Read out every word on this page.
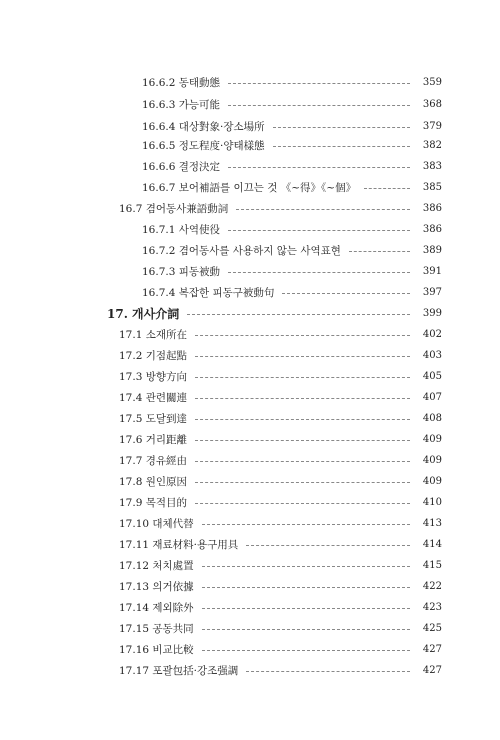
16.6.2 동태動態	359
16.6.3 가능可能	368
16.6.4 대상對象·장소場所	379
16.6.5 정도程度·양태樣態	382
16.6.6 결정決定	383
16.6.7 보어補語를 이끄는 것 《~得》《~個》	385
16.7 겸어동사兼語動詞	386
16.7.1 사역使役	386
16.7.2 겸어동사를 사용하지 않는 사역표현	389
16.7.3 피동被動	391
16.7.4 복잡한 피동구被動句	397
17. 개사介詞	399
17.1 소재所在	402
17.2 기점起點	403
17.3 방향方向	405
17.4 관련關連	407
17.5 도달到達	408
17.6 거리距離	409
17.7 경유經由	409
17.8 원인原因	409
17.9 목적目的	410
17.10 대체代替	413
17.11 재료材料·용구用具	414
17.12 처치處置	415
17.13 의거依據	422
17.14 제외除外	423
17.15 공동共同	425
17.16 비교比較	427
17.17 포괄包括·강조强調	427
